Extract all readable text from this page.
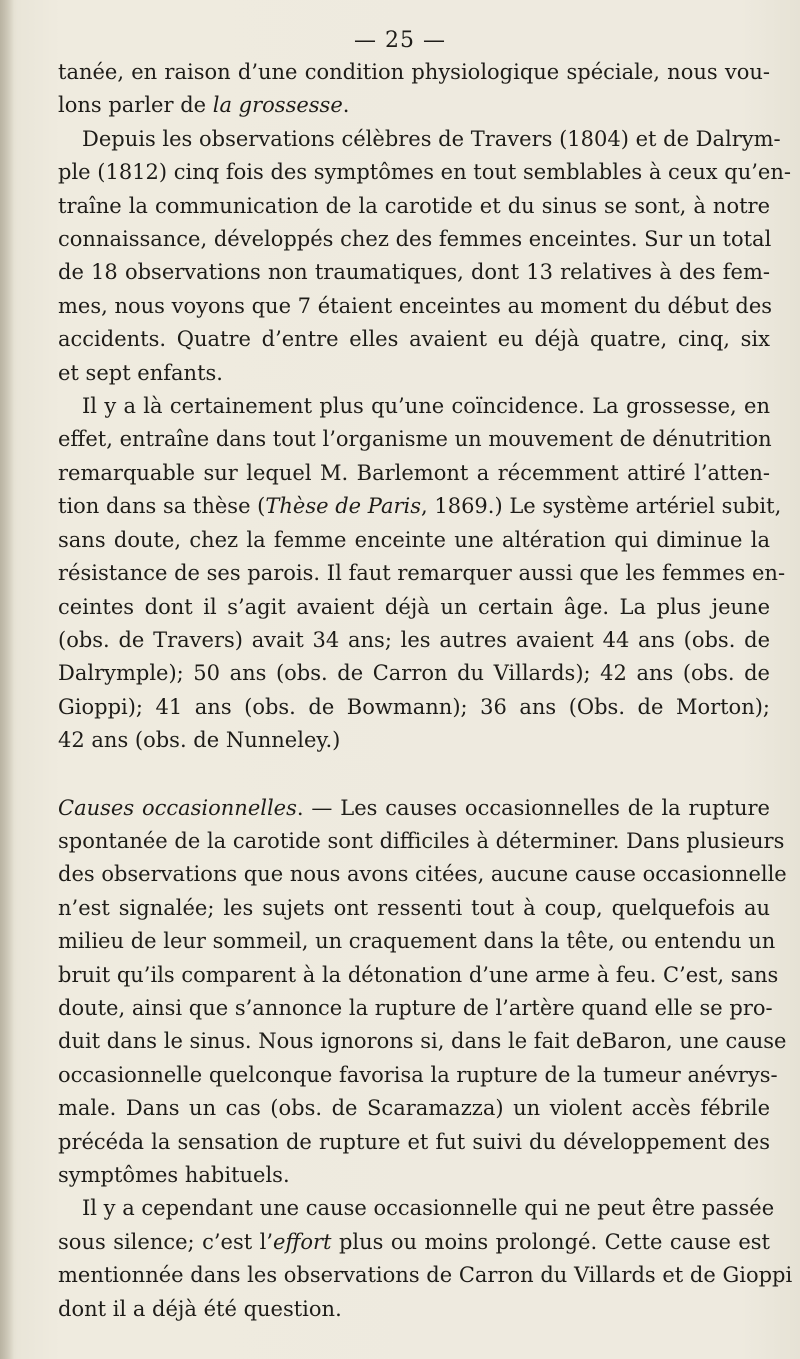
— 25 —

tanée, en raison d’une condition physiologique spéciale, nous vou-
lons parler de la grossesse.

Depuis les observations célèbres de Travers (1804) et de Dalrym-
ple (1812) cinq fois des symptômes en tout semblables à ceux qu’en-
traîne la communication de la carotide et du sinus se sont, à notre
connaissance, développés chez des femmes enceintes. Sur un total
de 18 observations non traumatiques, dont 13 relatives à des fem-
mes, nous voyons que 7 étaient enceintes au moment du début des
accidents. Quatre d’entre elles avaient eu déjà quatre, cinq, six
et sept enfants.

Il y a là certainement plus qu’une coïncidence. La grossesse, en
effet, entraîne dans tout l’organisme un mouvement de dénutrition
remarquable sur lequel M. Barlemont a récemment attiré l’atten-
tion dans sa thèse (Thèse de Paris, 1869.) Le système artériel subit,
sans doute, chez la femme enceinte une altération qui diminue la
résistance de ses parois. Il faut remarquer aussi que les femmes en-
ceintes dont il s’agit avaient déjà un certain âge. La plus jeune
(obs. de Travers) avait 34 ans; les autres avaient 44 ans (obs. de
Dalrymple); 50 ans (obs. de Carron du Villards); 42 ans (obs. de
Gioppi); 41 ans (obs. de Bowmann); 36 ans (Obs. de Morton);
42 ans (obs. de Nunneley.)

Causes occasionnelles. — Les causes occasionnelles de la rupture
spontanée de la carotide sont difficiles à déterminer. Dans plusieurs
des observations que nous avons citées, aucune cause occasionnelle
n’est signalée; les sujets ont ressenti tout à coup, quelquefois au
milieu de leur sommeil, un craquement dans la tête, ou entendu un
bruit qu’ils comparent à la détonation d’une arme à feu. C’est, sans
doute, ainsi que s’annonce la rupture de l’artère quand elle se pro-
duit dans le sinus. Nous ignorons si, dans le fait deBaron, une cause
occasionnelle quelconque favorisa la rupture de la tumeur anévrys-
male. Dans un cas (obs. de Scaramazza) un violent accès fébrile
précéda la sensation de rupture et fut suivi du développement des
symptômes habituels.

Il y a cependant une cause occasionnelle qui ne peut être passée
sous silence; c’est l’effort plus ou moins prolongé. Cette cause est
mentionnée dans les observations de Carron du Villards et de Gioppi
dont il a déjà été question.
